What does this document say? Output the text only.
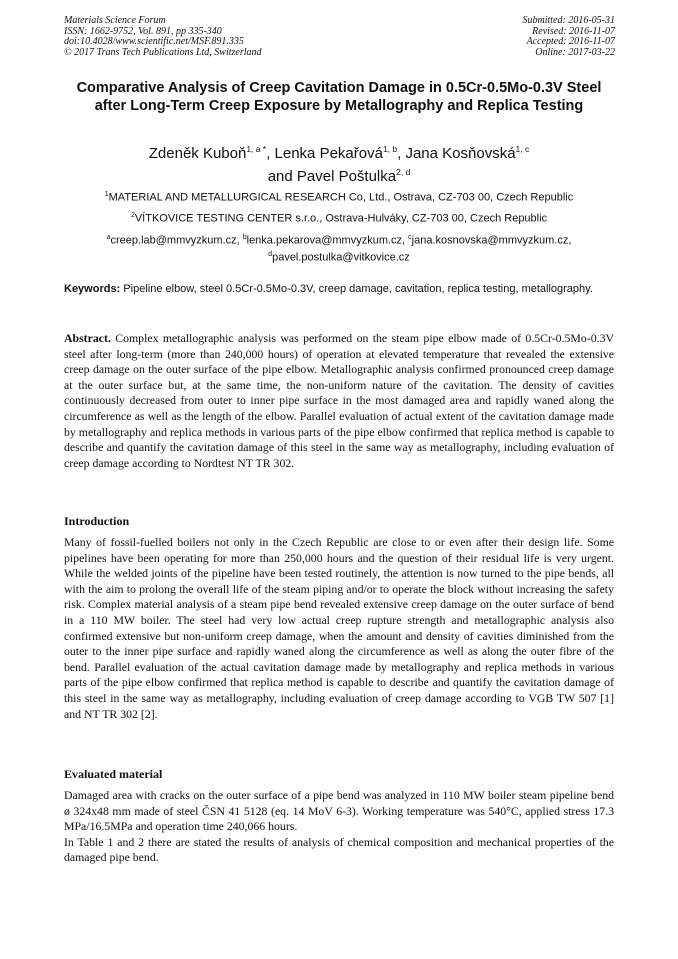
Materials Science Forum
ISSN: 1662-9752, Vol. 891, pp 335-340
doi:10.4028/www.scientific.net/MSF.891.335
© 2017 Trans Tech Publications Ltd, Switzerland
Submitted: 2016-05-31
Revised: 2016-11-07
Accepted: 2016-11-07
Online: 2017-03-22
Comparative Analysis of Creep Cavitation Damage in 0.5Cr-0.5Mo-0.3V Steel after Long-Term Creep Exposure by Metallography and Replica Testing
Zdeněk Kuboň$^{1, a *}$, Lenka Pekařová$^{1, b}$, Jana Kosňovská$^{1, c}$
and Pavel Poštulka$^{2, d}$
$^1$MATERIAL AND METALLURGICAL RESEARCH Co, Ltd., Ostrava, CZ-703 00, Czech Republic
$^2$VÍTKOVICE TESTING CENTER s.r.o., Ostrava-Hulváky, CZ-703 00, Czech Republic
$^a$creep.lab@mmvyzkum.cz, $^b$lenka.pekarova@mmvyzkum.cz, $^c$jana.kosnovska@mmvyzkum.cz,
$^d$pavel.postulka@vitkovice.cz
Keywords: Pipeline elbow, steel 0.5Cr-0.5Mo-0.3V, creep damage, cavitation, replica testing, metallography.
Abstract. Complex metallographic analysis was performed on the steam pipe elbow made of 0.5Cr-0.5Mo-0.3V steel after long-term (more than 240,000 hours) of operation at elevated temperature that revealed the extensive creep damage on the outer surface of the pipe elbow. Metallographic analysis confirmed pronounced creep damage at the outer surface but, at the same time, the non-uniform nature of the cavitation. The density of cavities continuously decreased from outer to inner pipe surface in the most damaged area and rapidly waned along the circumference as well as the length of the elbow. Parallel evaluation of actual extent of the cavitation damage made by metallography and replica methods in various parts of the pipe elbow confirmed that replica method is capable to describe and quantify the cavitation damage of this steel in the same way as metallography, including evaluation of creep damage according to Nordtest NT TR 302.
Introduction
Many of fossil-fuelled boilers not only in the Czech Republic are close to or even after their design life. Some pipelines have been operating for more than 250,000 hours and the question of their residual life is very urgent. While the welded joints of the pipeline have been tested routinely, the attention is now turned to the pipe bends, all with the aim to prolong the overall life of the steam piping and/or to operate the block without increasing the safety risk. Complex material analysis of a steam pipe bend revealed extensive creep damage on the outer surface of bend in a 110 MW boiler. The steel had very low actual creep rupture strength and metallographic analysis also confirmed extensive but non-uniform creep damage, when the amount and density of cavities diminished from the outer to the inner pipe surface and rapidly waned along the circumference as well as along the outer fibre of the bend. Parallel evaluation of the actual cavitation damage made by metallography and replica methods in various parts of the pipe elbow confirmed that replica method is capable to describe and quantify the cavitation damage of this steel in the same way as metallography, including evaluation of creep damage according to VGB TW 507 [1] and NT TR 302 [2].
Evaluated material
Damaged area with cracks on the outer surface of a pipe bend was analyzed in 110 MW boiler steam pipeline bend ø 324x48 mm made of steel ČSN 41 5128 (eq. 14 MoV 6-3). Working temperature was 540°C, applied stress 17.3 MPa/16.5MPa and operation time 240,066 hours.
In Table 1 and 2 there are stated the results of analysis of chemical composition and mechanical properties of the damaged pipe bend.
